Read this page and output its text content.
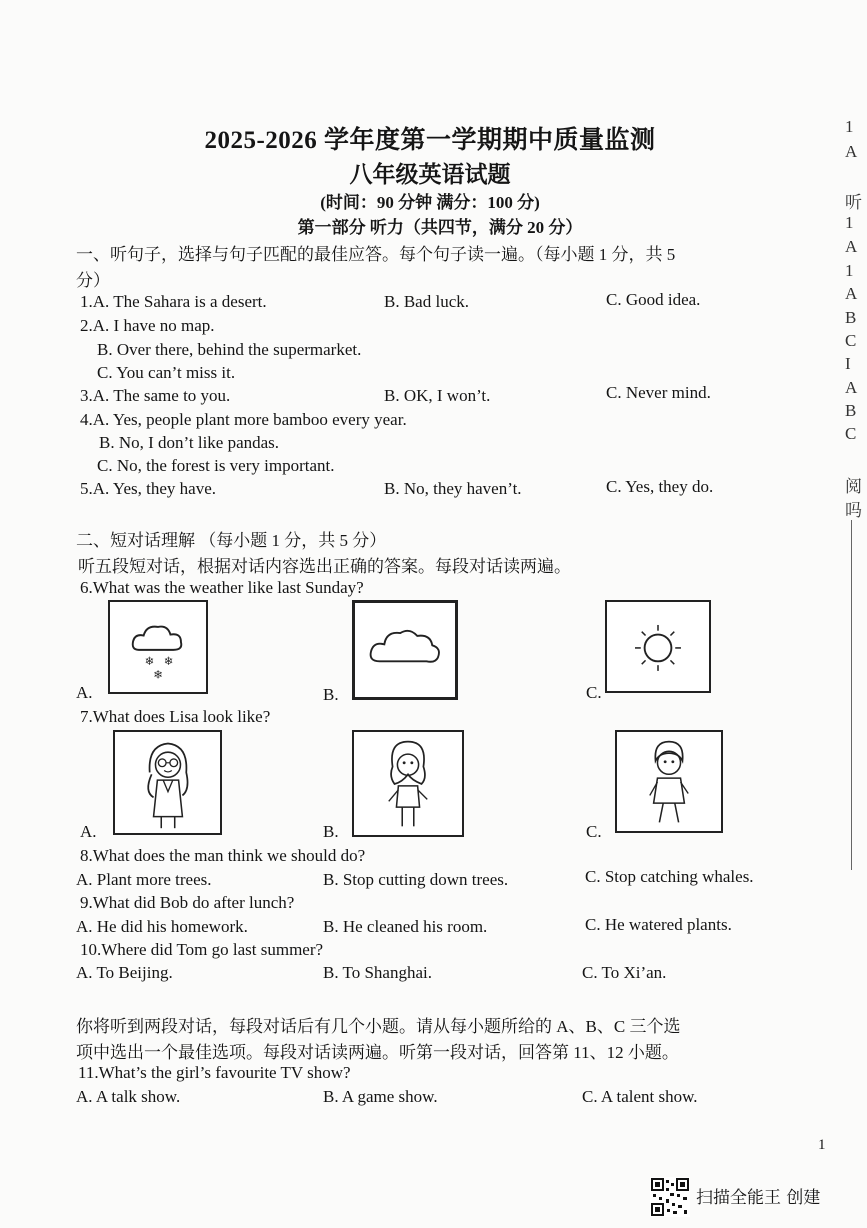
2025-2026 学年度第一学期期中质量监测
八年级英语试题
(时间：90 分钟 满分：100 分)
第一部分 听力（共四节，满分 20 分）
一、听句子，选择与句子匹配的最佳应答。每个句子读一遍。（每小题 1 分，共 5
分）
1.A. The Sahara is a desert.	B. Bad luck.	C. Good idea.
2.A. I have no map.
B. Over there, behind the supermarket.
C. You can’t miss it.
3.A. The same to you.	B. OK, I won’t.	C. Never mind.
4.A. Yes, people plant more bamboo every year.
B. No, I don’t like pandas.
C. No, the forest is very important.
5.A. Yes, they have.	B. No, they haven’t.	C. Yes, they do.
二、短对话理解 （每小题 1 分，共 5 分）
听五段短对话，根据对话内容选出正确的答案。每段对话读两遍。
6.What was the weather like last Sunday?
A.
❄ ❄
❄
B.	C.
7.What does Lisa look like?
A.	B.	C.
8.What does the man think we should do?
A. Plant more trees.	B. Stop cutting down trees.	C. Stop catching whales.
9.What did Bob do after lunch?
A. He did his homework.	B. He cleaned his room.	C. He watered plants.
10.Where did Tom go last summer?
A. To Beijing.	B. To Shanghai.	C. To Xi’an.
你将听到两段对话，每段对话后有几个小题。请从每小题所给的 A、B、C 三个选
项中选出一个最佳选项。每段对话读两遍。听第一段对话，回答第 11、12 小题。
11.What’s the girl’s favourite TV show?
A. A talk show.	B. A game show.	C. A talent show.
1
扫描全能王 创建
1
A
听
1
A
1
A
B
C
I
A
B
C
阅
吗
